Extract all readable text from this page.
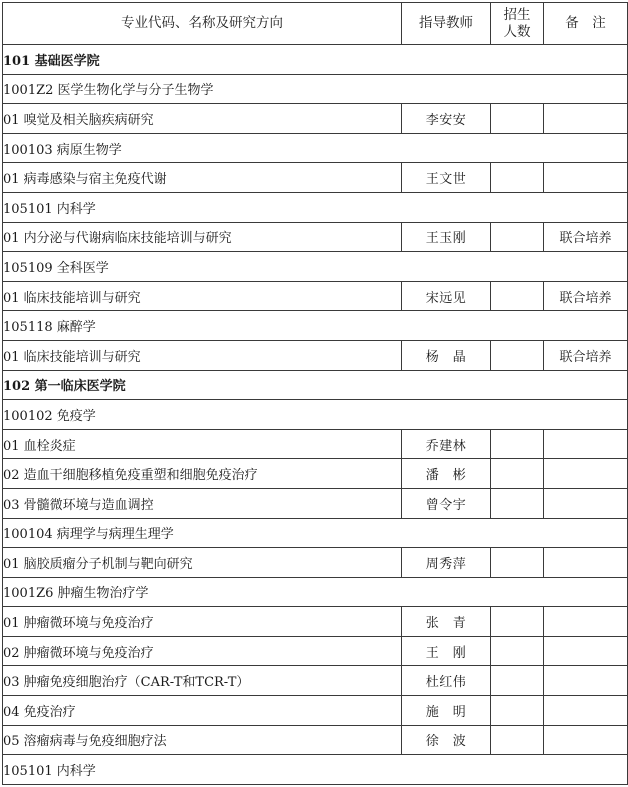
专业代码、名称及研究方向	指导教师	招生
人数	备　注
101 基础医学院			
1001Z2 医学生物化学与分子生物学			
01 嗅觉及相关脑疾病研究	李安安		
100103 病原生物学			
01 病毒感染与宿主免疫代谢	王文世		
105101 内科学			
01 内分泌与代谢病临床技能培训与研究	王玉刚		联合培养
105109 全科医学			
01 临床技能培训与研究	宋远见		联合培养
105118 麻醉学			
01 临床技能培训与研究	杨　晶		联合培养
102 第一临床医学院			
100102 免疫学			
01 血栓炎症	乔建林		
02 造血干细胞移植免疫重塑和细胞免疫治疗	潘　彬		
03 骨髓微环境与造血调控	曾令宇		
100104 病理学与病理生理学			
01 脑胶质瘤分子机制与靶向研究	周秀萍		
1001Z6 肿瘤生物治疗学			
01 肿瘤微环境与免疫治疗	张　青		
02 肿瘤微环境与免疫治疗	王　刚		
03 肿瘤免疫细胞治疗（CAR-T和TCR-T）	杜红伟		
04 免疫治疗	施　明		
05 溶瘤病毒与免疫细胞疗法	徐　波		
105101 内科学			
